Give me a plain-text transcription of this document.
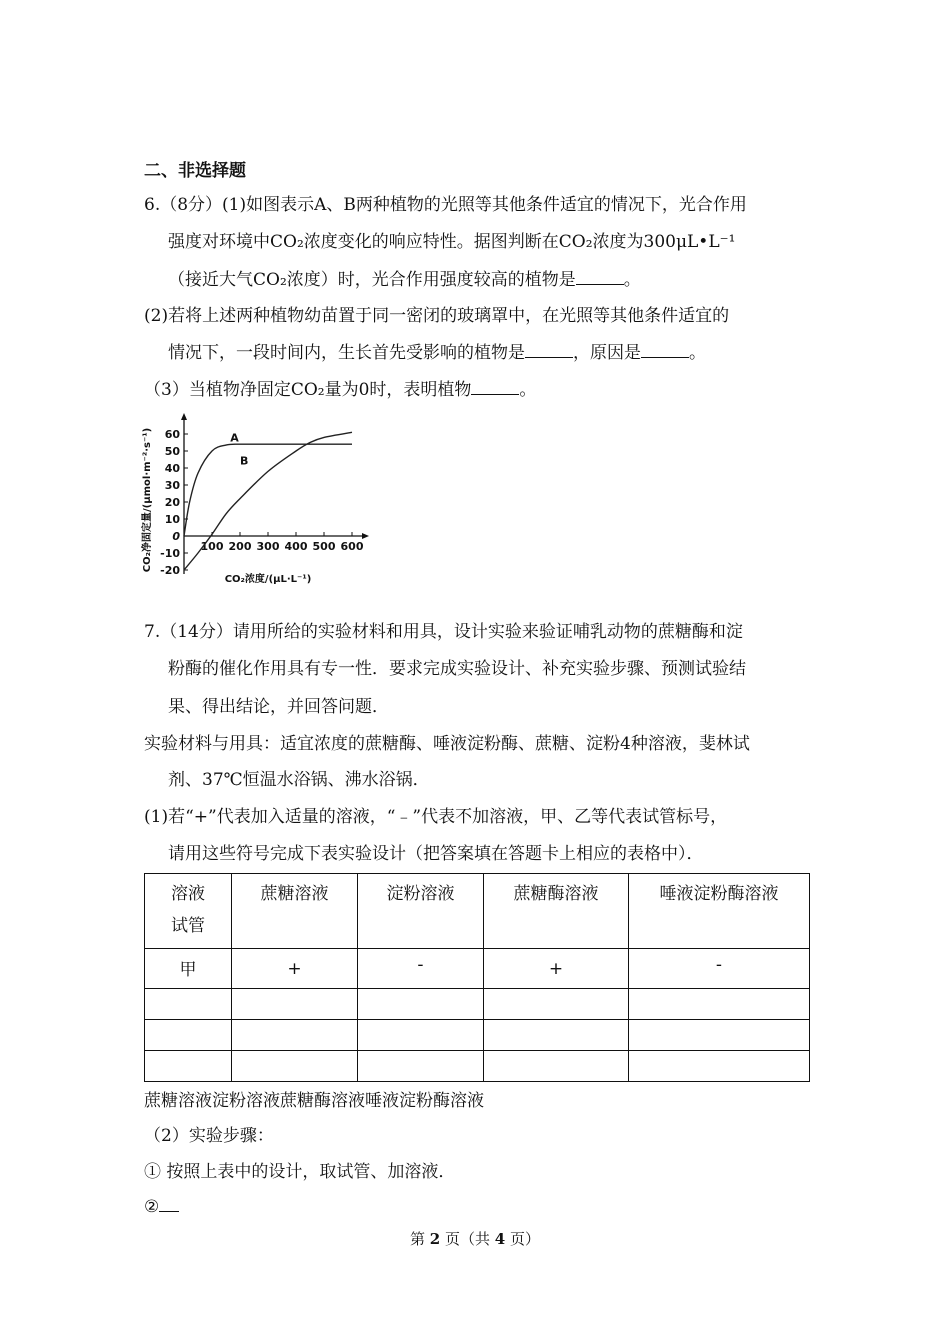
二、非选择题
6.（8分）(1)如图表示A、B两种植物的光照等其他条件适宜的情况下，光合作用
强度对环境中CO₂浓度变化的响应特性。据图判断在CO₂浓度为300μL•L⁻¹
（接近大气CO₂浓度）时，光合作用强度较高的植物是	。
(2)若将上述两种植物幼苗置于同一密闭的玻璃罩中，在光照等其他条件适宜的
情况下，一段时间内，生长首先受影响的植物是	，原因是	。
（3）当植物净固定CO₂量为0时，表明植物	。
60
50
40
30
20
10
0
-10
-20
100 200 300 400 500 600
A
B
CO₂浓度/(μL·L⁻¹)
CO₂净固定量/(μmol·m⁻²·s⁻¹)
7.（14分）请用所给的实验材料和用具，设计实验来验证哺乳动物的蔗糖酶和淀
粉酶的催化作用具有专一性．要求完成实验设计、补充实验步骤、预测试验结
果、得出结论，并回答问题．
实验材料与用具：适宜浓度的蔗糖酶、唾液淀粉酶、蔗糖、淀粉4种溶液，斐林试
剂、37℃恒温水浴锅、沸水浴锅．
(1)若“+”代表加入适量的溶液，“﹣”代表不加溶液，甲、乙等代表试管标号，
请用这些符号完成下表实验设计（把答案填在答题卡上相应的表格中）．
溶液
试管	蔗糖溶液	淀粉溶液	蔗糖酶溶液	唾液淀粉酶溶液
甲	+	-	+	-

蔗糖溶液淀粉溶液蔗糖酶溶液唾液淀粉酶溶液
（2）实验步骤：
① 按照上表中的设计，取试管、加溶液．
②
第 2 页（共 4 页）
